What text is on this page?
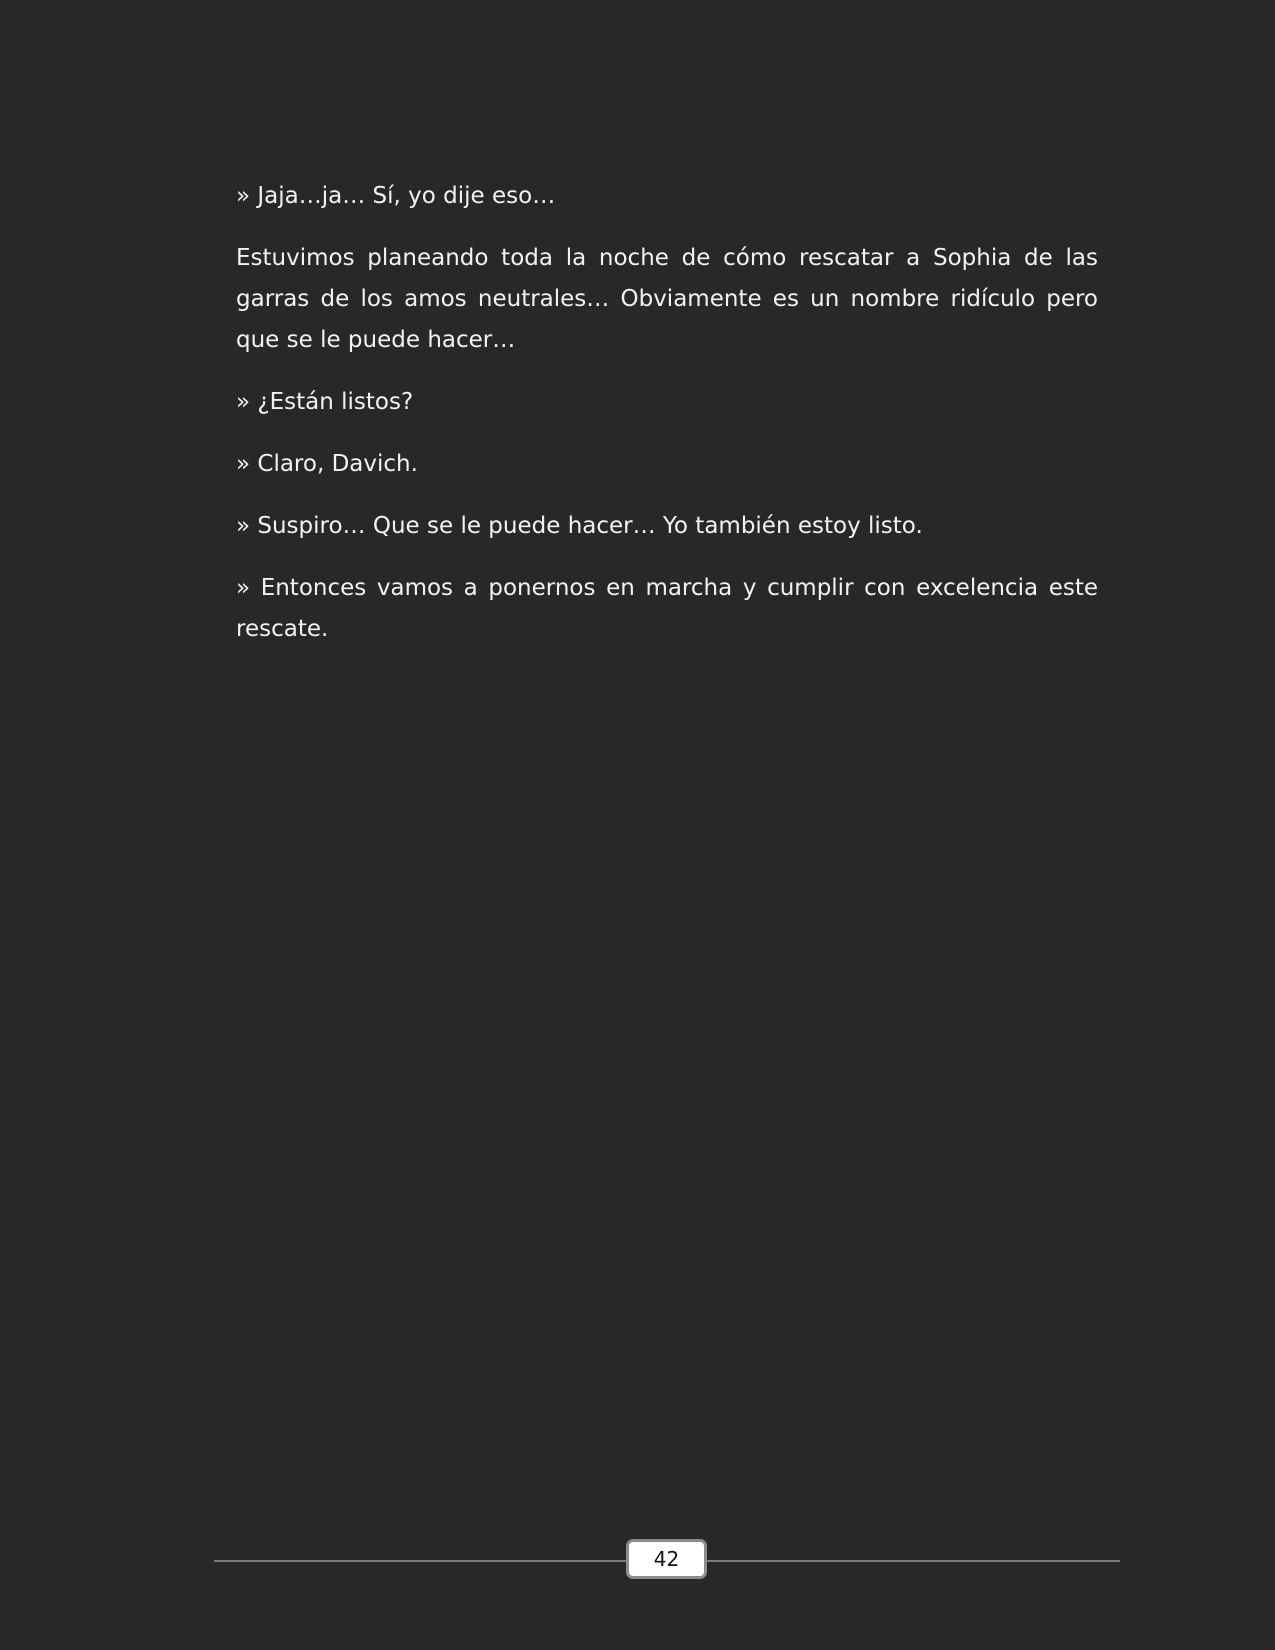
» Jaja…ja… Sí, yo dije eso…

Estuvimos planeando toda la noche de cómo rescatar a Sophia de las garras de los amos neutrales… Obviamente es un nombre ridículo pero que se le puede hacer…

» ¿Están listos?

» Claro, Davich.

» Suspiro… Que se le puede hacer… Yo también estoy listo.

» Entonces vamos a ponernos en marcha y cumplir con excelencia este rescate.

42
